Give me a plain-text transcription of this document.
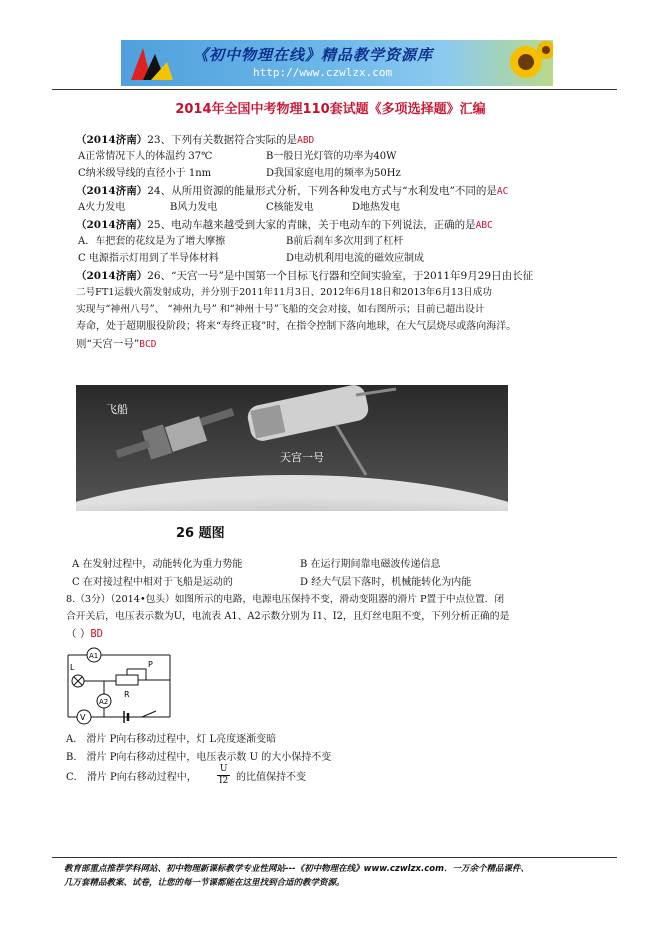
《初中物理在线》精品教学资源库
http://www.czwlzx.com
2014年全国中考物理110套试题《多项选择题》汇编
（2014济南）23、下列有关数据符合实际的是ABD
A正常情况下人的体温约 37℃	B一般日光灯管的功率为40W
C纳米级导线的直径小于 1nm	D我国家庭电用的频率为50Hz
（2014济南）24、从所用资源的能量形式分析，下列各种发电方式与“水利发电”不同的是AC
A火力发电	B风力发电	C核能发电	D地热发电
（2014济南）25、电动车越来越受到大家的青睐，关于电动车的下列说法，正确的是ABC
A．车把套的花纹是为了增大摩擦	B前后刹车多次用到了杠杆
C 电源指示灯用到了半导体材料	D电动机利用电流的磁效应制成
（2014济南）26、“天宫一号”是中国第一个目标飞行器和空间实验室，于2011年9月29日由长征
二号FT1运载火箭发射成功，并分别于2011年11月3日、2012年6月18日和2013年6月13日成功
实现与“神州八号”、 “神州九号” 和“神州十号”飞船的交会对接，如右图所示；目前已超出设计
寿命，处于超期服役阶段；将来“寿终正寝”时，在指令控制下落向地球，在大气层烧尽或落向海洋。
则“天宫一号”BCD
飞船
天宫一号
26 题图
A 在发射过程中，动能转化为重力势能	B 在运行期间靠电磁波传递信息
C 在对接过程中相对于飞船是运动的	D 经大气层下落时，机械能转化为内能
8.（3分）（2014•包头）如图所示的电路，电源电压保持不变，滑动变阻器的滑片 P置于中点位置．闭
合开关后，电压表示数为U，电流表 A1、A2示数分别为 I1、I2，且灯丝电阻不变，下列分析正确的是
（ ）BD
A1
L
R
P
A2
V
A． 滑片 P向右移动过程中，灯 L亮度逐渐变暗
B． 滑片 P向右移动过程中，电压表示数 U 的大小保持不变
C． 滑片 P向右移动过程中， $\frac{U}{I2}$ 的比值保持不变
教育部重点推荐学科网站、初中物理新课标教学专业性网站---《初中物理在线》www.czwlzx.com．一万余个精品课件、
几万套精品教案、试卷，让您的每一节课都能在这里找到合适的教学资源。
